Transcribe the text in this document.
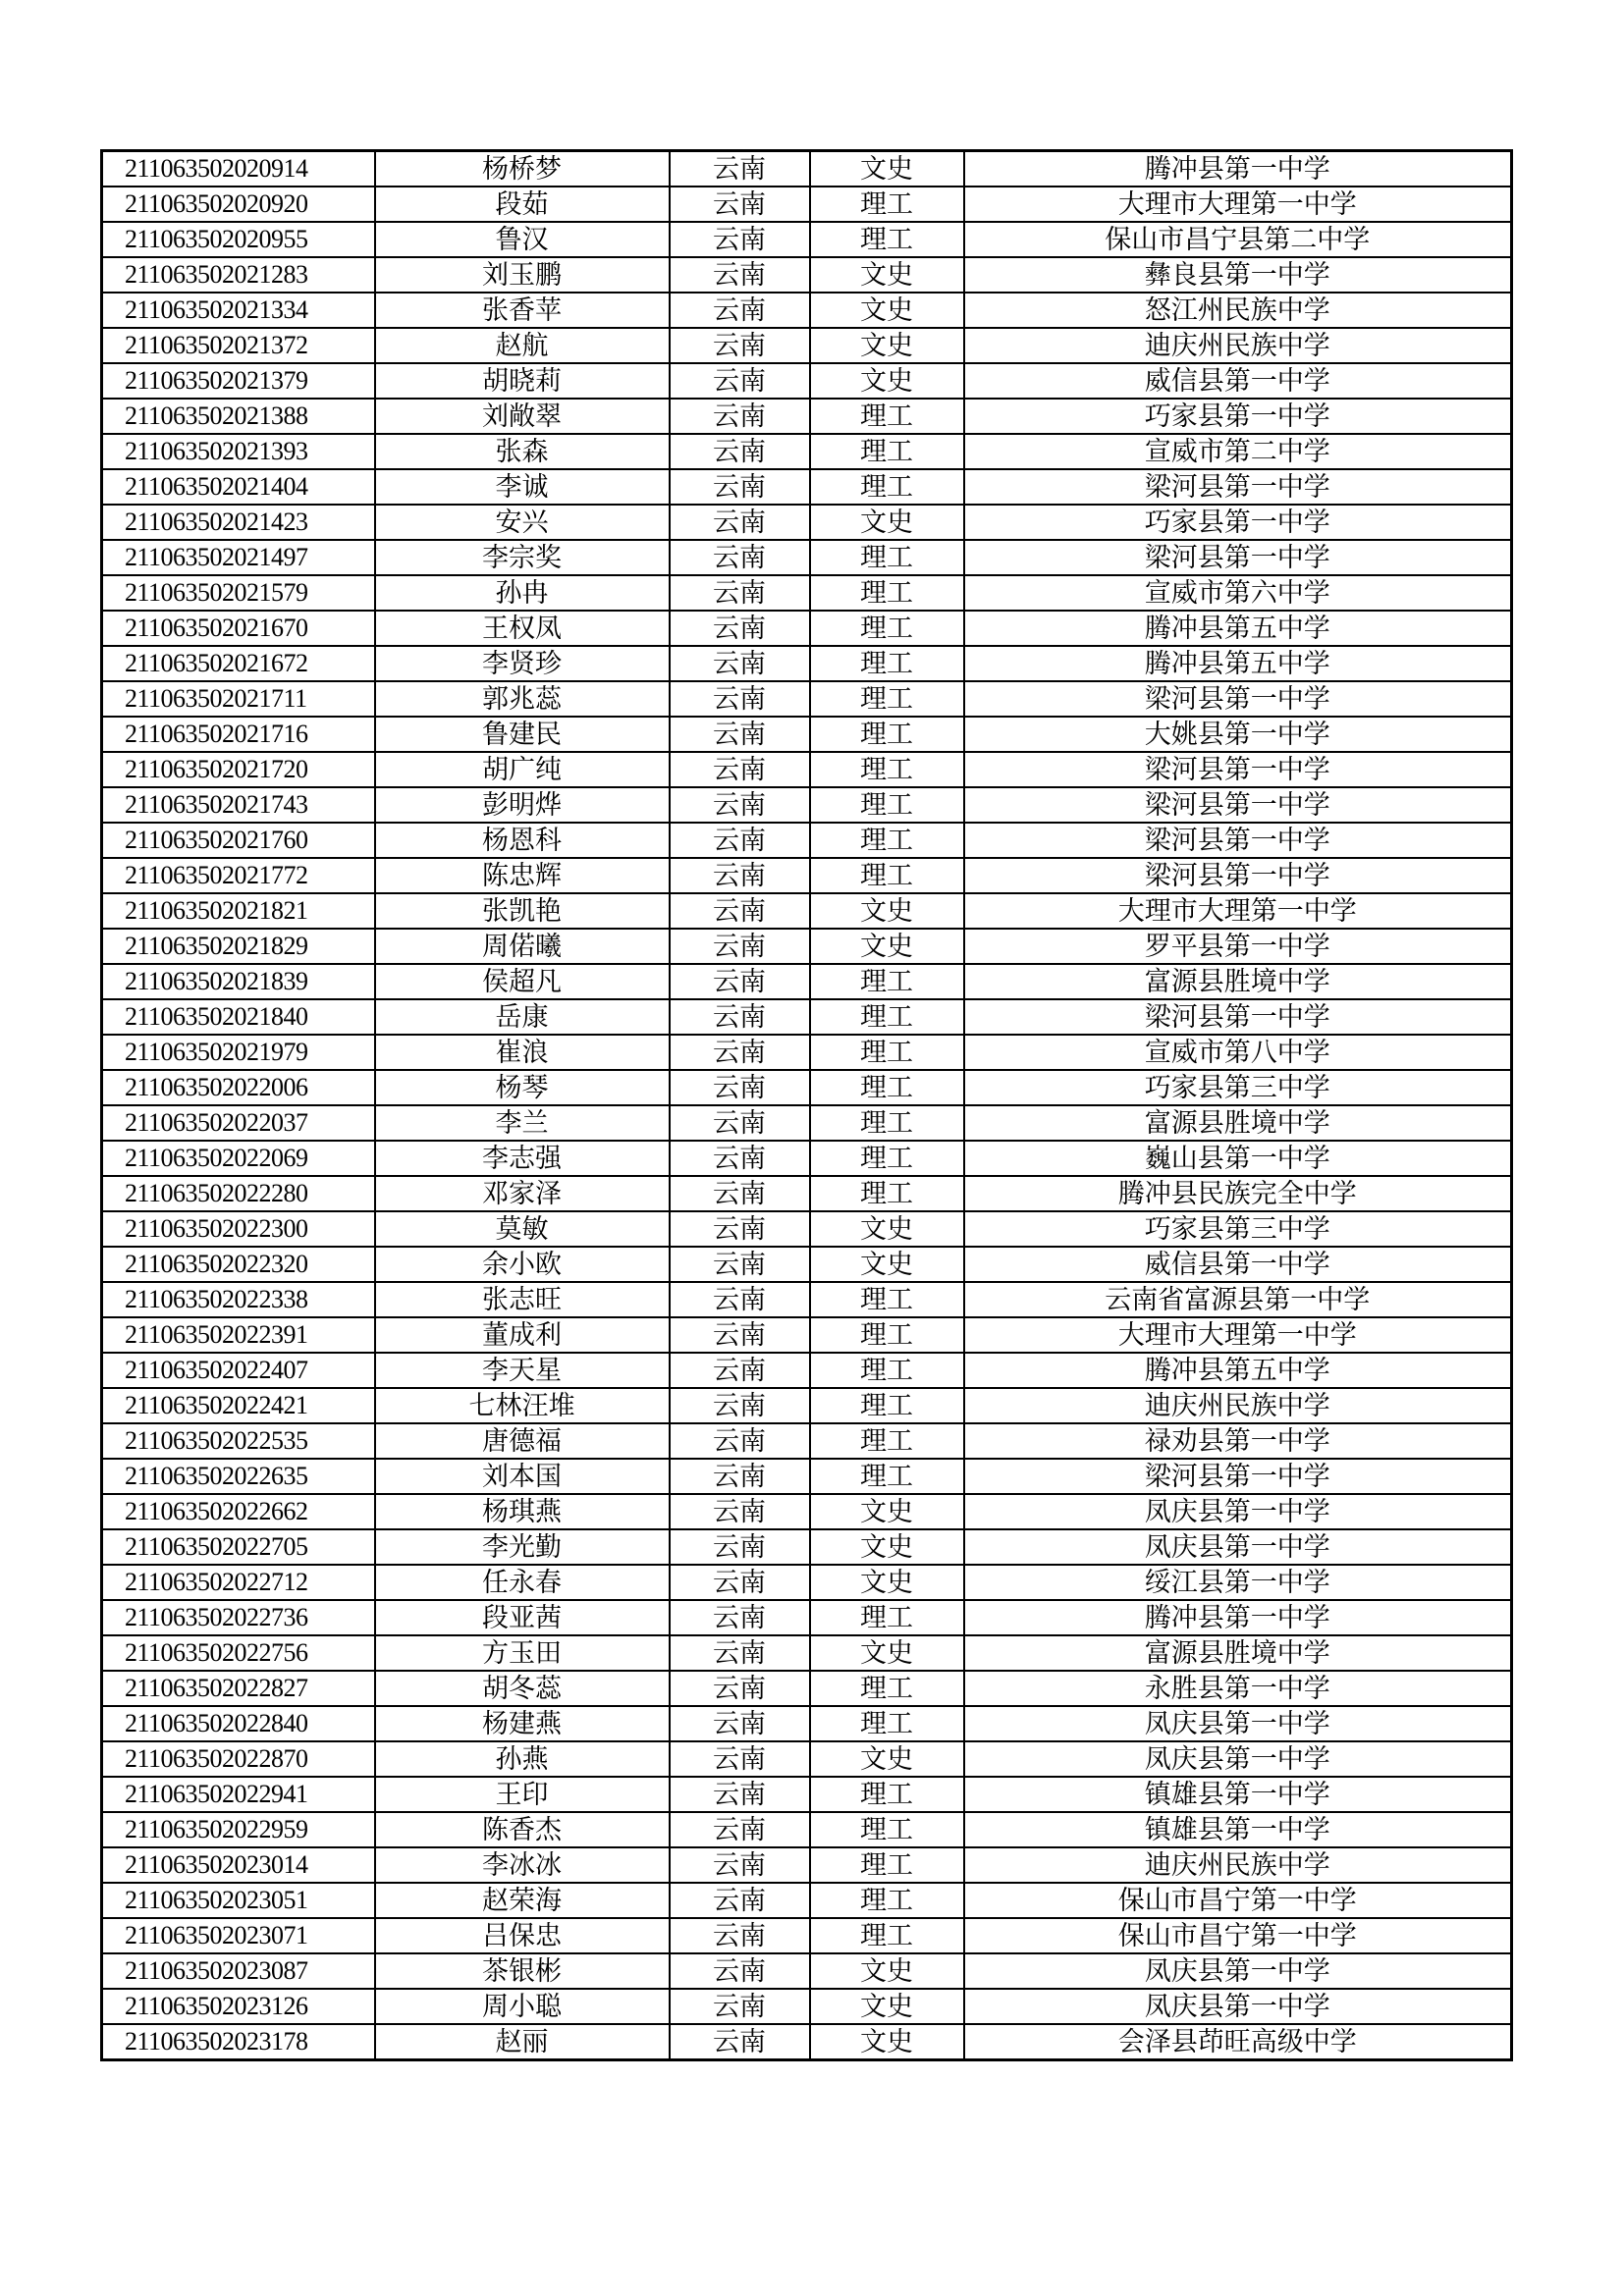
211063502020914	杨桥梦	云南	文史	腾冲县第一中学
211063502020920	段茹	云南	理工	大理市大理第一中学
211063502020955	鲁汉	云南	理工	保山市昌宁县第二中学
211063502021283	刘玉鹏	云南	文史	彝良县第一中学
211063502021334	张香苹	云南	文史	怒江州民族中学
211063502021372	赵航	云南	文史	迪庆州民族中学
211063502021379	胡晓莉	云南	文史	威信县第一中学
211063502021388	刘敞翠	云南	理工	巧家县第一中学
211063502021393	张森	云南	理工	宣威市第二中学
211063502021404	李诚	云南	理工	梁河县第一中学
211063502021423	安兴	云南	文史	巧家县第一中学
211063502021497	李宗奖	云南	理工	梁河县第一中学
211063502021579	孙冉	云南	理工	宣威市第六中学
211063502021670	王权凤	云南	理工	腾冲县第五中学
211063502021672	李贤珍	云南	理工	腾冲县第五中学
211063502021711	郭兆蕊	云南	理工	梁河县第一中学
211063502021716	鲁建民	云南	理工	大姚县第一中学
211063502021720	胡广纯	云南	理工	梁河县第一中学
211063502021743	彭明烨	云南	理工	梁河县第一中学
211063502021760	杨恩科	云南	理工	梁河县第一中学
211063502021772	陈忠辉	云南	理工	梁河县第一中学
211063502021821	张凯艳	云南	文史	大理市大理第一中学
211063502021829	周偌曦	云南	文史	罗平县第一中学
211063502021839	侯超凡	云南	理工	富源县胜境中学
211063502021840	岳康	云南	理工	梁河县第一中学
211063502021979	崔浪	云南	理工	宣威市第八中学
211063502022006	杨琴	云南	理工	巧家县第三中学
211063502022037	李兰	云南	理工	富源县胜境中学
211063502022069	李志强	云南	理工	巍山县第一中学
211063502022280	邓家泽	云南	理工	腾冲县民族完全中学
211063502022300	莫敏	云南	文史	巧家县第三中学
211063502022320	余小欧	云南	文史	威信县第一中学
211063502022338	张志旺	云南	理工	云南省富源县第一中学
211063502022391	董成利	云南	理工	大理市大理第一中学
211063502022407	李天星	云南	理工	腾冲县第五中学
211063502022421	七林汪堆	云南	理工	迪庆州民族中学
211063502022535	唐德福	云南	理工	禄劝县第一中学
211063502022635	刘本国	云南	理工	梁河县第一中学
211063502022662	杨琪燕	云南	文史	凤庆县第一中学
211063502022705	李光勤	云南	文史	凤庆县第一中学
211063502022712	任永春	云南	文史	绥江县第一中学
211063502022736	段亚茜	云南	理工	腾冲县第一中学
211063502022756	方玉田	云南	文史	富源县胜境中学
211063502022827	胡冬蕊	云南	理工	永胜县第一中学
211063502022840	杨建燕	云南	理工	凤庆县第一中学
211063502022870	孙燕	云南	文史	凤庆县第一中学
211063502022941	王印	云南	理工	镇雄县第一中学
211063502022959	陈香杰	云南	理工	镇雄县第一中学
211063502023014	李冰冰	云南	理工	迪庆州民族中学
211063502023051	赵荣海	云南	理工	保山市昌宁第一中学
211063502023071	吕保忠	云南	理工	保山市昌宁第一中学
211063502023087	茶银彬	云南	文史	凤庆县第一中学
211063502023126	周小聪	云南	文史	凤庆县第一中学
211063502023178	赵丽	云南	文史	会泽县茚旺高级中学
